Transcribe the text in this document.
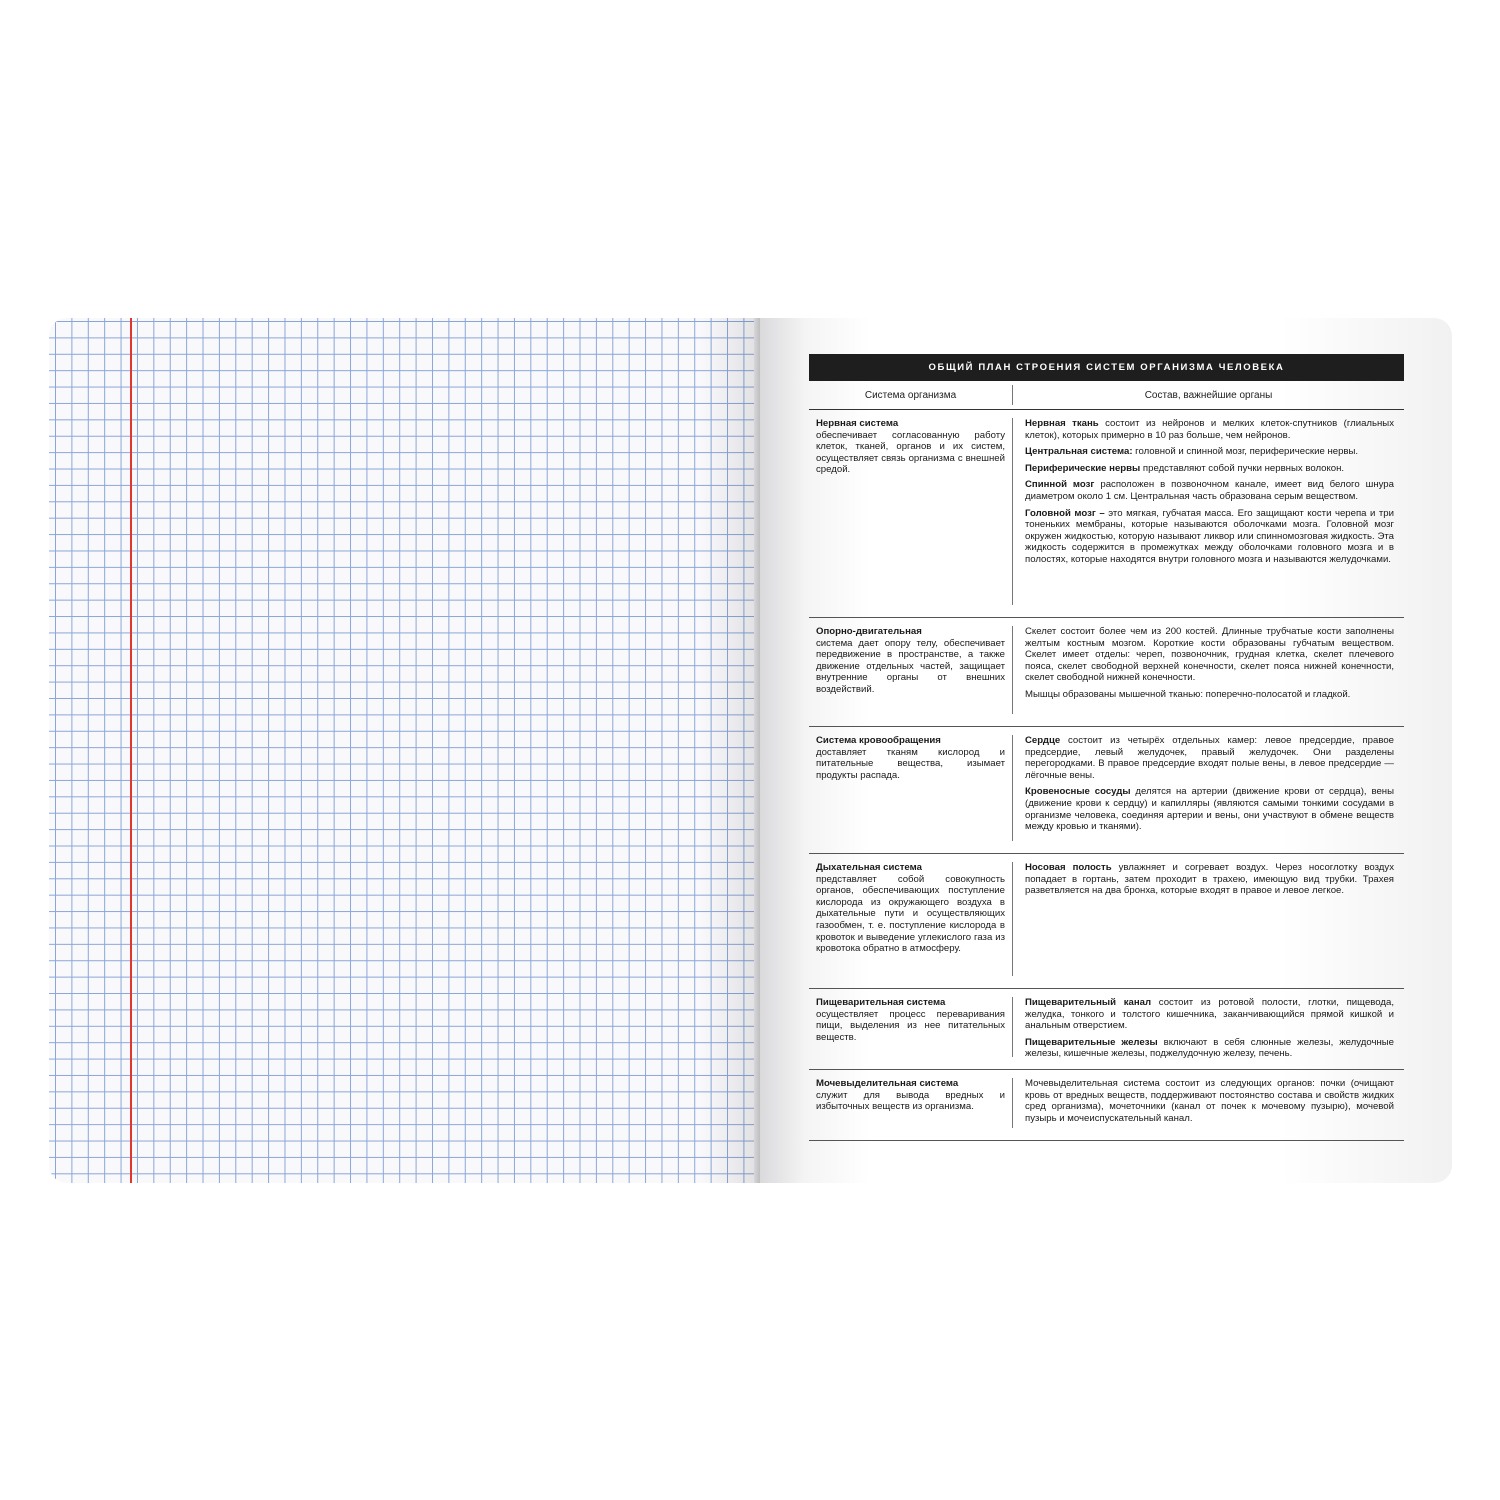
ОБЩИЙ ПЛАН СТРОЕНИЯ СИСТЕМ ОРГАНИЗМА ЧЕЛОВЕКА
Система организма	Состав, важнейшие органы
Нервная система
обеспечивает согласованную работу клеток, тканей, органов и их систем, осуществляет связь организма с внешней средой.

Нервная ткань состоит из нейронов и мелких клеток-спутников (глиальных клеток), которых примерно в 10 раз больше, чем нейронов.

Центральная система: головной и спинной мозг, периферические нервы.

Периферические нервы представляют собой пучки нервных волокон.

Спинной мозг расположен в позвоночном канале, имеет вид белого шнура диаметром около 1 см. Центральная часть образована серым веществом.

Головной мозг – это мягкая, губчатая масса. Его защищают кости черепа и три тоненьких мембраны, которые называются оболочками мозга. Головной мозг окружен жидкостью, которую называют ликвор или спинномозговая жидкость. Эта жидкость содержится в промежутках между оболочками головного мозга и в полостях, которые находятся внутри головного мозга и называются желудочками.

Опорно-двигательная
система дает опору телу, обеспечивает передвижение в пространстве, а также движение отдельных частей, защищает внутренние органы от внешних воздействий.

Скелет состоит более чем из 200 костей. Длинные трубчатые кости заполнены желтым костным мозгом. Короткие кости образованы губчатым веществом. Скелет имеет отделы: череп, позвоночник, грудная клетка, скелет плечевого пояса, скелет свободной верхней конечности, скелет пояса нижней конечности, скелет свободной нижней конечности.

Мышцы образованы мышечной тканью: поперечно-полосатой и гладкой.

Система кровообращения
доставляет тканям кислород и питательные вещества, изымает продукты распада.

Сердце состоит из четырёх отдельных камер: левое предсердие, правое предсердие, левый желудочек, правый желудочек. Они разделены перегородками. В правое предсердие входят полые вены, в левое предсердие — лёгочные вены.

Кровеносные сосуды делятся на артерии (движение крови от сердца), вены (движение крови к сердцу) и капилляры (являются самыми тонкими сосудами в организме человека, соединяя артерии и вены, они участвуют в обмене веществ между кровью и тканями).

Дыхательная система
представляет собой совокупность органов, обеспечивающих поступление кислорода из окружающего воздуха в дыхательные пути и осуществляющих газообмен, т. е. поступление кислорода в кровоток и выведение углекислого газа из кровотока обратно в атмосферу.

Носовая полость увлажняет и согревает воздух. Через носоглотку воздух попадает в гортань, затем проходит в трахею, имеющую вид трубки. Трахея разветвляется на два бронха, которые входят в правое и левое легкое.

Пищеварительная система
осуществляет процесс переваривания пищи, выделения из нее питательных веществ.

Пищеварительный канал состоит из ротовой полости, глотки, пищевода, желудка, тонкого и толстого кишечника, заканчивающийся прямой кишкой и анальным отверстием.

Пищеварительные железы включают в себя слюнные железы, желудочные железы, кишечные железы, поджелудочную железу, печень.

Мочевыделительная система
служит для вывода вредных и избыточных веществ из организма.

Мочевыделительная система состоит из следующих органов: почки (очищают кровь от вредных веществ, поддерживают постоянство состава и свойств жидких сред организма), мочеточники (канал от почек к мочевому пузырю), мочевой пузырь и мочеиспускательный канал.
